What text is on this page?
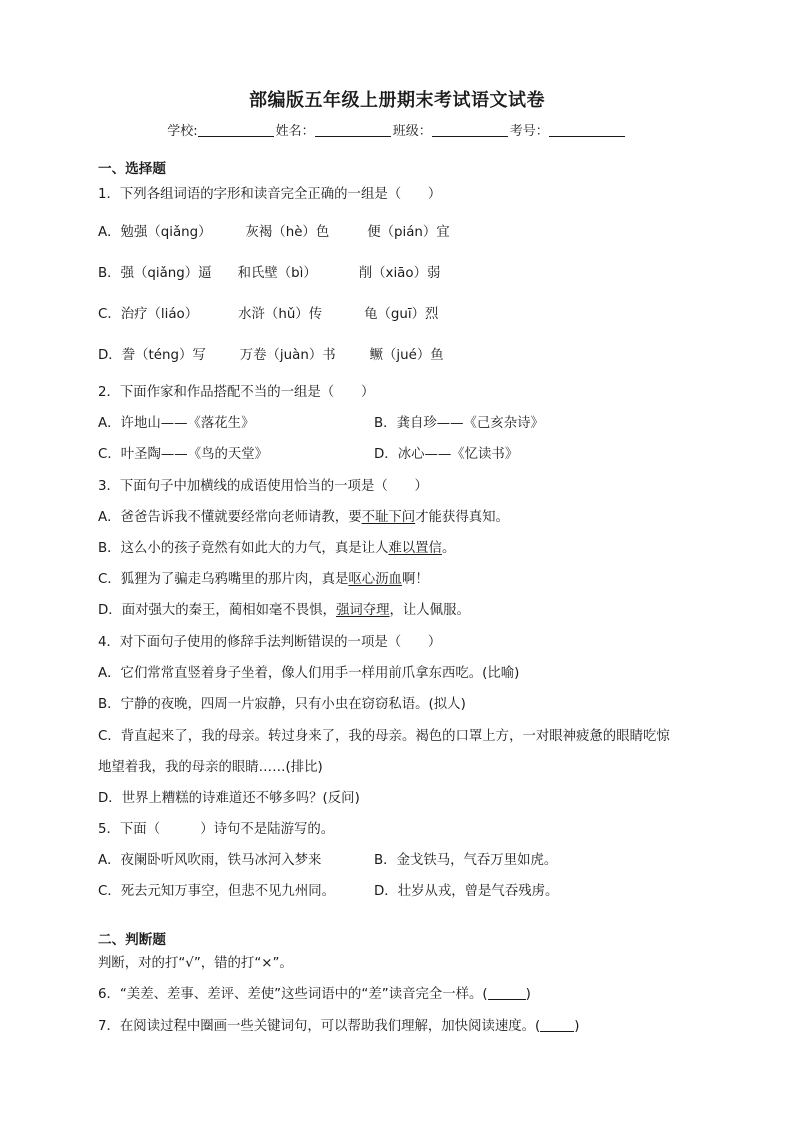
部编版五年级上册期末考试语文试卷
学校:	姓名：	班级：	考号：
一、选择题
1．下列各组词语的字形和读音完全正确的一组是（　　）
A．勉强（qiǎng）	灰褐（hè）色	便（pián）宜
B．强（qiǎng）逼 和氏壁（bì）	削（xiāo）弱
C．治疗（liáo）	水浒（hǔ）传	龟（guī）烈
D．誊（téng）写	万卷（juàn）书	鳜（jué）鱼
2．下面作家和作品搭配不当的一组是（　　）
A．许地山——《落花生》	B．龚自珍——《己亥杂诗》
C．叶圣陶——《鸟的天堂》	D．冰心——《忆读书》
3．下面句子中加横线的成语使用恰当的一项是（　　）
A．爸爸告诉我不懂就要经常向老师请教，要不耻下问才能获得真知。
B．这么小的孩子竟然有如此大的力气，真是让人难以置信。
C．狐狸为了骗走乌鸦嘴里的那片肉，真是呕心沥血啊！
D．面对强大的秦王，蔺相如毫不畏惧，强词夺理，让人佩服。
4．对下面句子使用的修辞手法判断错误的一项是（　　）
A．它们常常直竖着身子坐着，像人们用手一样用前爪拿东西吃。(比喻)
B．宁静的夜晚，四周一片寂静，只有小虫在窃窃私语。(拟人)
C．背直起来了，我的母亲。转过身来了，我的母亲。褐色的口罩上方，一对眼神疲惫的眼睛吃惊
地望着我，我的母亲的眼睛……(排比)
D．世界上糟糕的诗难道还不够多吗？(反问)
5．下面（　　　）诗句不是陆游写的。
A．夜阑卧听风吹雨，铁马冰河入梦来	B．金戈铁马，气吞万里如虎。
C．死去元知万事空，但悲不见九州同。	D．壮岁从戎，曾是气吞残虏。
二、判断题
判断，对的打“√”，错的打“×”。
6．“美差、差事、差评、差使”这些词语中的“差”读音完全一样。(	)
7．在阅读过程中圈画一些关键词句，可以帮助我们理解，加快阅读速度。(	)
